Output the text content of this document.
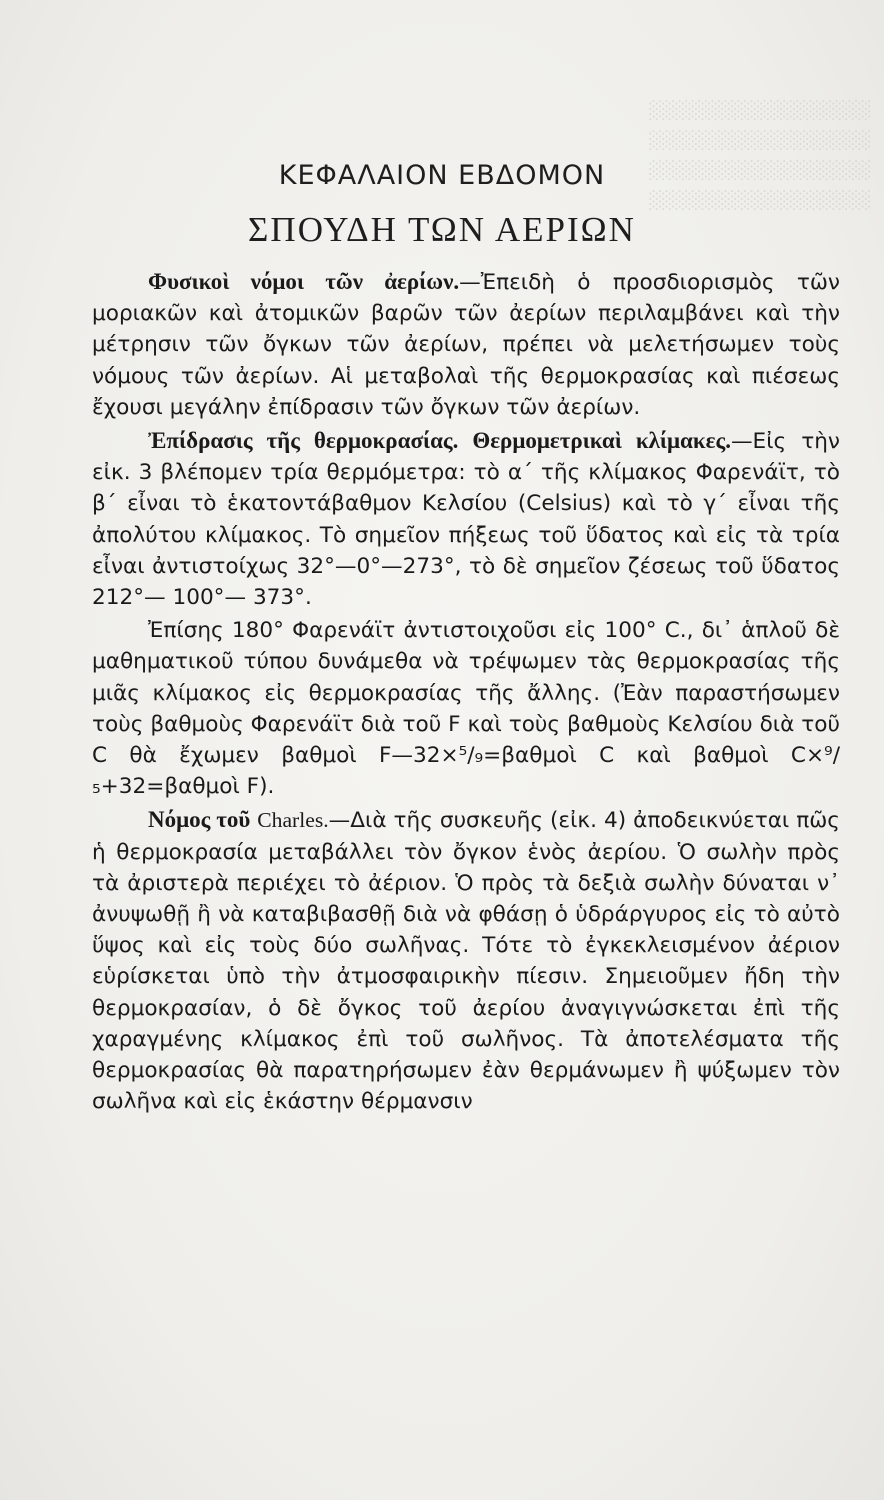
░░░░░░░░░░░░░░░░░
░░░░░░░░░░░░░░░░░
░░░░░░░░░░░░░░░░░
░░░░░░░░░░░░░░░░░
ΚΕΦΑΛΑΙΟΝ ΕΒΔΟΜΟΝ
ΣΠΟΥΔΗ ΤΩΝ ΑΕΡΙΩΝ

Φυσικοὶ νόμοι τῶν ἀερίων.—Ἐπειδὴ ὁ προσδιορισμὸς τῶν μοριακῶν καὶ ἀτομικῶν βαρῶν τῶν ἀερίων περιλαμβάνει καὶ τὴν μέτρησιν τῶν ὄγκων τῶν ἀερίων, πρέπει νὰ μελετήσωμεν τοὺς νόμους τῶν ἀερίων. Αἱ μεταβολαὶ τῆς θερμοκρασίας καὶ πιέσεως ἔχουσι μεγάλην ἐπίδρασιν τῶν ὄγκων τῶν ἀερίων.

Ἐπίδρασις τῆς θερμοκρασίας. Θερμομετρικαὶ κλίμακες.—Εἰς τὴν εἰκ. 3 βλέπομεν τρία θερμόμετρα: τὸ α΄ τῆς κλίμακος Φαρενάϊτ, τὸ β΄ εἶναι τὸ ἑκατοντάβαθμον Κελσίου (Celsius) καὶ τὸ γ΄ εἶναι τῆς ἀπολύτου κλίμακος. Τὸ σημεῖον πήξεως τοῦ ὕδατος καὶ εἰς τὰ τρία εἶναι ἀντιστοίχως 32°—0°—273°, τὸ δὲ σημεῖον ζέσεως τοῦ ὕδατος 212°— 100°— 373°.

Ἐπίσης 180° Φαρενάϊτ ἀντιστοιχοῦσι εἰς 100° C., δι᾿ ἁπλοῦ δὲ μαθηματικοῦ τύπου δυνάμεθα νὰ τρέψωμεν τὰς θερμοκρασίας τῆς μιᾶς κλίμακος εἰς θερμοκρασίας τῆς ἄλλης. (Ἐὰν παραστήσωμεν τοὺς βαθμοὺς Φαρενάϊτ διὰ τοῦ F καὶ τοὺς βαθμοὺς Κελσίου διὰ τοῦ C θὰ ἔχωμεν βαθμοὶ F—32×⁵/₉=βαθμοὶ C καὶ βαθμοὶ C×⁹/₅+32=βαθμοὶ F).

Νόμος τοῦ Charles.—Διὰ τῆς συσκευῆς (εἰκ. 4) ἀποδεικνύεται πῶς ἡ θερμοκρασία μεταβάλλει τὸν ὄγκον ἑνὸς ἀερίου. Ὁ σωλὴν πρὸς τὰ ἀριστερὰ περιέχει τὸ ἀέριον. Ὁ πρὸς τὰ δεξιὰ σωλὴν δύναται ν᾿ ἀνυψωθῇ ἢ νὰ καταβιβασθῇ διὰ νὰ φθάσῃ ὁ ὑδράργυρος εἰς τὸ αὐτὸ ὕψος καὶ εἰς τοὺς δύο σωλῆνας. Τότε τὸ ἐγκεκλεισμένον ἀέριον εὑρίσκεται ὑπὸ τὴν ἀτμοσφαιρικὴν πίεσιν. Σημειοῦμεν ἤδη τὴν θερμοκρασίαν, ὁ δὲ ὄγκος τοῦ ἀερίου ἀναγιγνώσκεται ἐπὶ τῆς χαραγμένης κλίμακος ἐπὶ τοῦ σωλῆνος. Τὰ ἀποτελέσματα τῆς θερμοκρασίας θὰ παρατηρήσωμεν ἐὰν θερμάνωμεν ἢ ψύξωμεν τὸν σωλῆνα καὶ εἰς ἑκάστην θέρμανσιν
